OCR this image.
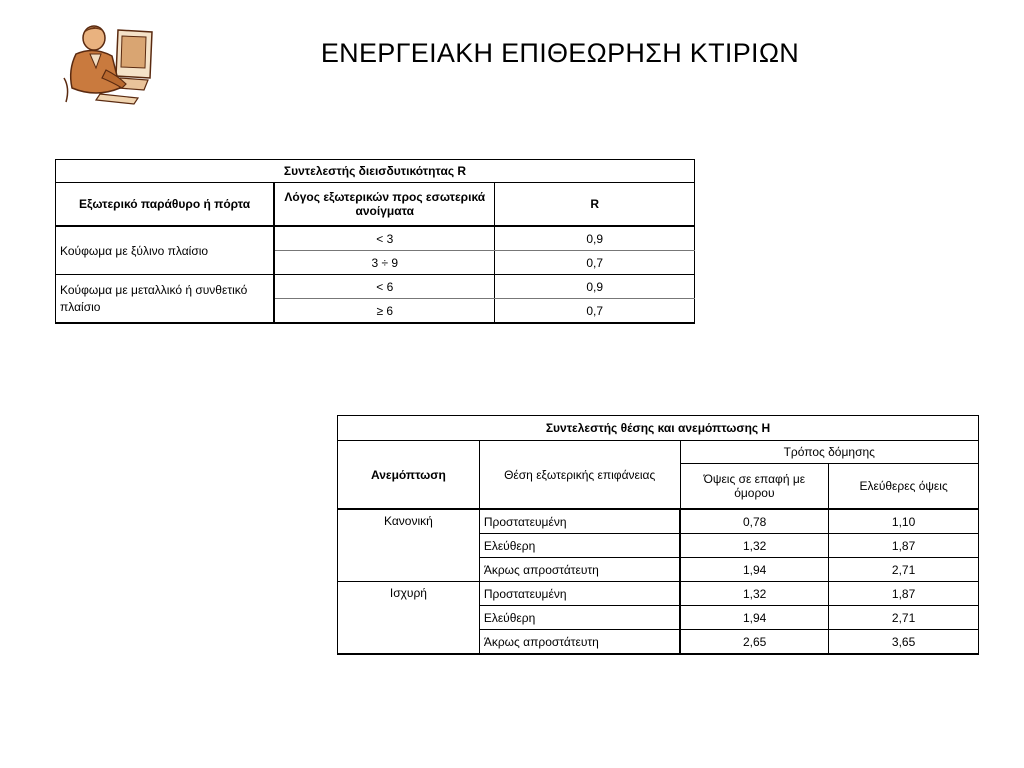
ΕΝΕΡΓΕΙΑΚΗ ΕΠΙΘΕΩΡΗΣΗ ΚΤΙΡΙΩΝ
Συντελεστής διεισδυτικότητας R		
Εξωτερικό παράθυρο ή πόρτα	Λόγος εξωτερικών προς εσωτερικά ανοίγματα	R
Κούφωμα με ξύλινο πλαίσιο	< 3	0,9
	3 ÷ 9	0,7
Κούφωμα με μεταλλικό ή συνθετικό πλαίσιο	< 6	0,9
	≥ 6	0,7
Συντελεστής θέσης και ανεμόπτωσης H			
Ανεμόπτωση	Θέση εξωτερικής επιφάνειας	Τρόπος δόμησης	
		Όψεις σε επαφή με όμορου	Ελεύθερες όψεις
Κανονική	Προστατευμένη	0,78	1,10
	Ελεύθερη	1,32	1,87
	Άκρως απροστάτευτη	1,94	2,71
Ισχυρή	Προστατευμένη	1,32	1,87
	Ελεύθερη	1,94	2,71
	Άκρως απροστάτευτη	2,65	3,65
